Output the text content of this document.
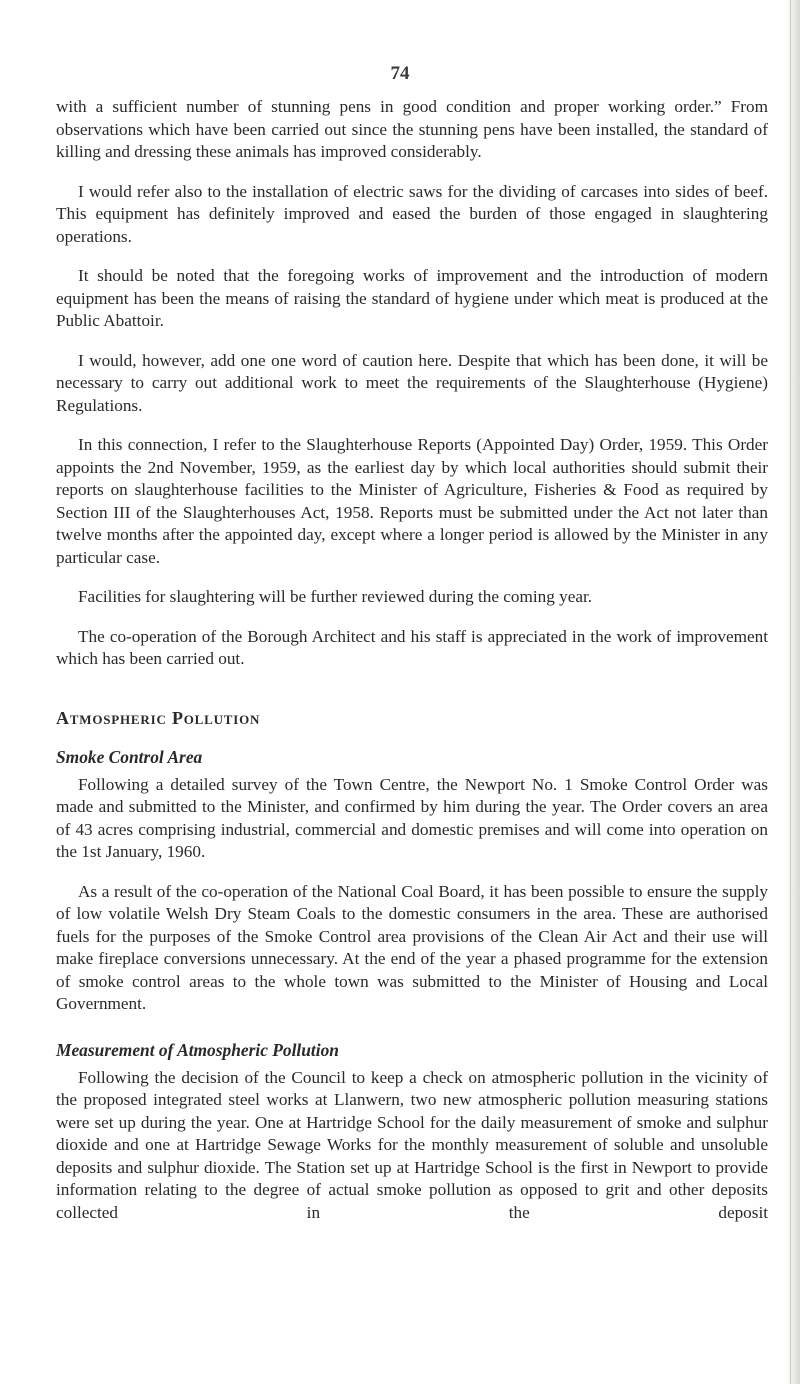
74

with a sufficient number of stunning pens in good condition and proper working order.” From observations which have been carried out since the stunning pens have been installed, the standard of killing and dressing these animals has improved considerably.

I would refer also to the installation of electric saws for the dividing of carcases into sides of beef. This equipment has definitely improved and eased the burden of those engaged in slaughtering operations.

It should be noted that the foregoing works of improvement and the introduction of modern equipment has been the means of raising the standard of hygiene under which meat is produced at the Public Abattoir.

I would, however, add one one word of caution here. Despite that which has been done, it will be necessary to carry out additional work to meet the requirements of the Slaughterhouse (Hygiene) Regulations.

In this connection, I refer to the Slaughterhouse Reports (Appointed Day) Order, 1959. This Order appoints the 2nd November, 1959, as the earliest day by which local authorities should submit their reports on slaughterhouse facilities to the Minister of Agriculture, Fisheries & Food as required by Section III of the Slaughterhouses Act, 1958. Reports must be submitted under the Act not later than twelve months after the appointed day, except where a longer period is allowed by the Minister in any particular case.

Facilities for slaughtering will be further reviewed during the coming year.

The co-operation of the Borough Architect and his staff is appreciated in the work of improvement which has been carried out.

Atmospheric Pollution
Smoke Control Area

Following a detailed survey of the Town Centre, the Newport No. 1 Smoke Control Order was made and submitted to the Minister, and confirmed by him during the year. The Order covers an area of 43 acres comprising industrial, commercial and domestic premises and will come into operation on the 1st January, 1960.

As a result of the co-operation of the National Coal Board, it has been possible to ensure the supply of low volatile Welsh Dry Steam Coals to the domestic consumers in the area. These are authorised fuels for the purposes of the Smoke Control area provisions of the Clean Air Act and their use will make fireplace conversions unnecessary. At the end of the year a phased programme for the extension of smoke control areas to the whole town was submitted to the Minister of Housing and Local Government.

Measurement of Atmospheric Pollution

Following the decision of the Council to keep a check on atmospheric pollution in the vicinity of the proposed integrated steel works at Llanwern, two new atmospheric pollution measuring stations were set up during the year. One at Hartridge School for the daily measurement of smoke and sulphur dioxide and one at Hartridge Sewage Works for the monthly measurement of soluble and unsoluble deposits and sulphur dioxide. The Station set up at Hartridge School is the first in Newport to provide information relating to the degree of actual smoke pollution as opposed to grit and other deposits collected in the deposit
